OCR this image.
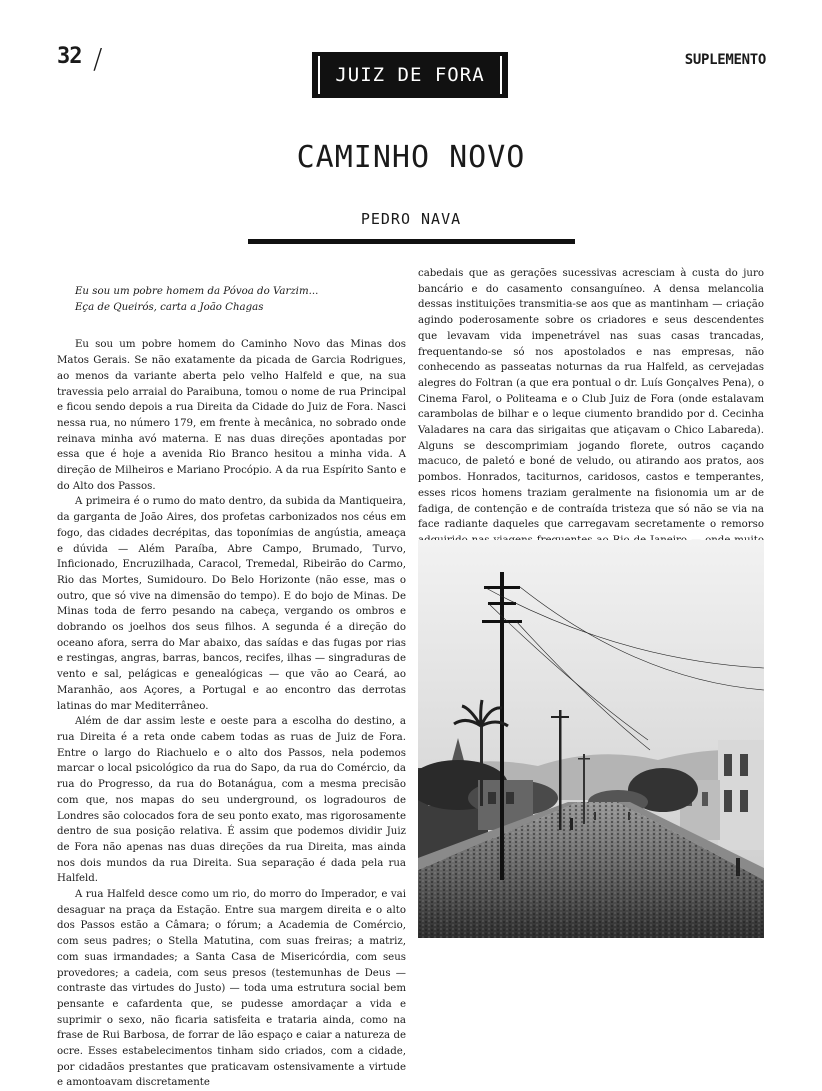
32 /	JUIZ DE FORA
SUPLEMENTO
CAMINHO NOVO
PEDRO NAVA
Eu sou um pobre homem da Póvoa do Varzim...
Eça de Queirós, carta a João Chagas

Eu sou um pobre homem do Caminho Novo das Minas dos Matos Gerais. Se não exatamente da picada de Garcia Rodrigues, ao menos da variante aberta pelo velho Halfeld e que, na sua travessia pelo arraial do Paraibuna, tomou o nome de rua Principal e ficou sendo depois a rua Direita da Cidade do Juiz de Fora. Nasci nessa rua, no número 179, em frente à mecânica, no sobrado onde reinava minha avó materna. E nas duas direções apontadas por essa que é hoje a avenida Rio Branco hesitou a minha vida. A direção de Milheiros e Mariano Procópio. A da rua Espírito Santo e do Alto dos Passos.

A primeira é o rumo do mato dentro, da subida da Mantiqueira, da garganta de João Aires, dos profetas carbonizados nos céus em fogo, das cidades decrépitas, das toponímias de angústia, ameaça e dúvida — Além Paraíba, Abre Campo, Brumado, Turvo, Inficionado, Encruzilhada, Caracol, Tremedal, Ribeirão do Carmo, Rio das Mortes, Sumidouro. Do Belo Horizonte (não esse, mas o outro, que só vive na dimensão do tempo). E do bojo de Minas. De Minas toda de ferro pesando na cabeça, vergando os ombros e dobrando os joelhos dos seus filhos. A segunda é a direção do oceano afora, serra do Mar abaixo, das saídas e das fugas por rias e restingas, angras, barras, bancos, recifes, ilhas — singraduras de vento e sal, pelágicas e genealógicas — que vão ao Ceará, ao Maranhão, aos Açores, a Portugal e ao encontro das derrotas latinas do mar Mediterrâneo.

Além de dar assim leste e oeste para a escolha do destino, a rua Direita é a reta onde cabem todas as ruas de Juiz de Fora. Entre o largo do Riachuelo e o alto dos Passos, nela podemos marcar o local psicológico da rua do Sapo, da rua do Comércio, da rua do Progresso, da rua do Botanágua, com a mesma precisão com que, nos mapas do seu underground, os logradouros de Londres são colocados fora de seu ponto exato, mas rigorosamente dentro de sua posição relativa. É assim que podemos dividir Juiz de Fora não apenas nas duas direções da rua Direita, mas ainda nos dois mundos da rua Direita. Sua separação é dada pela rua Halfeld.

A rua Halfeld desce como um rio, do morro do Imperador, e vai desaguar na praça da Estação. Entre sua margem direita e o alto dos Passos estão a Câmara; o fórum; a Academia de Comércio, com seus padres; o Stella Matutina, com suas freiras; a matriz, com suas irmandades; a Santa Casa de Misericórdia, com seus provedores; a cadeia, com seus presos (testemunhas de Deus — contraste das virtudes do Justo) — toda uma estrutura social bem pensante e cafardenta que, se pudesse amordaçar a vida e suprimir o sexo, não ficaria satisfeita e trataria ainda, como na frase de Rui Barbosa, de forrar de lão espaço e caiar a natureza de ocre. Esses estabelecimentos tinham sido criados, com a cidade, por cidadãos prestantes que praticavam ostensivamente a virtude e amontoavam discretamente

cabedais que as gerações sucessivas acresciam à custa do juro bancário e do casamento consanguíneo. A densa melancolia dessas instituições transmitia-se aos que as mantinham — criação agindo poderosamente sobre os criadores e seus descendentes que levavam vida impenetrável nas suas casas trancadas, frequentando-se só nos apostolados e nas empresas, não conhecendo as passeatas noturnas da rua Halfeld, as cervejadas alegres do Foltran (a que era pontual o dr. Luís Gonçalves Pena), o Cinema Farol, o Politeama e o Club Juiz de Fora (onde estalavam carambolas de bilhar e o leque ciumento brandido por d. Cecinha Valadares na cara das sirigaitas que atiçavam o Chico Labareda). Alguns se descomprimiam jogando florete, outros caçando macuco, de paletó e boné de veludo, ou atirando aos pratos, aos pombos. Honrados, taciturnos, caridosos, castos e temperantes, esses ricos homens traziam geralmente na fisionomia um ar de fadiga, de contenção e de contraída tristeza que só não se via na face radiante daqueles que carregavam secretamente o remorso
